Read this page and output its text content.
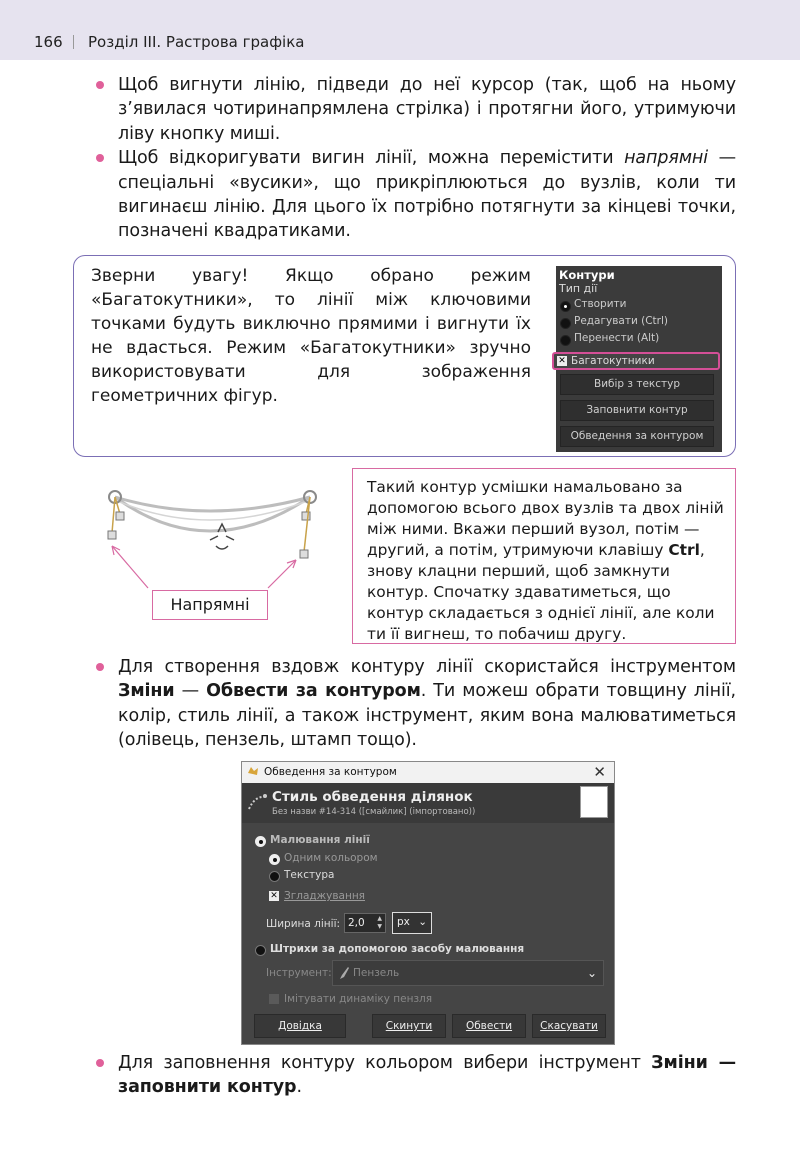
166 Розділ ІІІ. Растрова графіка
Щоб вигнути лінію, підведи до неї курсор (так, щоб на ньому з’явилася чотиринапрямлена стрілка) і протягни його, утримуючи ліву кнопку миші.
Щоб відкоригувати вигин лінії, можна перемістити напрямні — спеціальні «вусики», що прикріплюються до вузлів, коли ти вигинаєш лінію. Для цього їх потрібно потягнути за кінцеві точки, позначені квадратиками.
Зверни увагу! Якщо обрано режим «Багатокутники», то лінії між ключовими точками будуть виключно прямими і вигнути їх не вдасться. Режим «Багатокутники» зручно використовувати для зображення геометричних фігур.
Контури
Тип дії
Створити
Редагувати (Ctrl)
Перенести (Alt)
✕ Багатокутники
Вибір з текстур
Заповнити контур
Обведення за контуром
Напрямні
Такий контур усмішки намальовано за допомогою всього двох вузлів та двох ліній між ними. Вкажи перший вузол, потім — другий, а потім, утримуючи клавішу Ctrl, знову клацни перший, щоб замкнути контур. Спочатку здаватиметься, що контур складається з однієї лінії, але коли ти її вигнеш, то побачиш другу.
Для створення вздовж контуру лінії скористайся інструментом Зміни — Обвести за контуром. Ти можеш обрати товщину лінії, колір, стиль лінії, а також інструмент, яким вона малюватиметься (олівець, пензель, штамп тощо).
Обведення за контуром	✕
Стиль обведення ділянок
Без назви #14-314 ([смайлик] (імпортовано))
Малювання лінії
Одним кольором
Текстура
✕ Згладжування
Ширина лінії: 2,0 ▲
▼	px ⌄
Штрихи за допомогою засобу малювання
Інструмент:	Пензель	⌄
Імітувати динаміку пензля
Довідка	Скинути	Обвести	Скасувати
Для заповнення контуру кольором вибери інструмент Зміни — заповнити контур.
